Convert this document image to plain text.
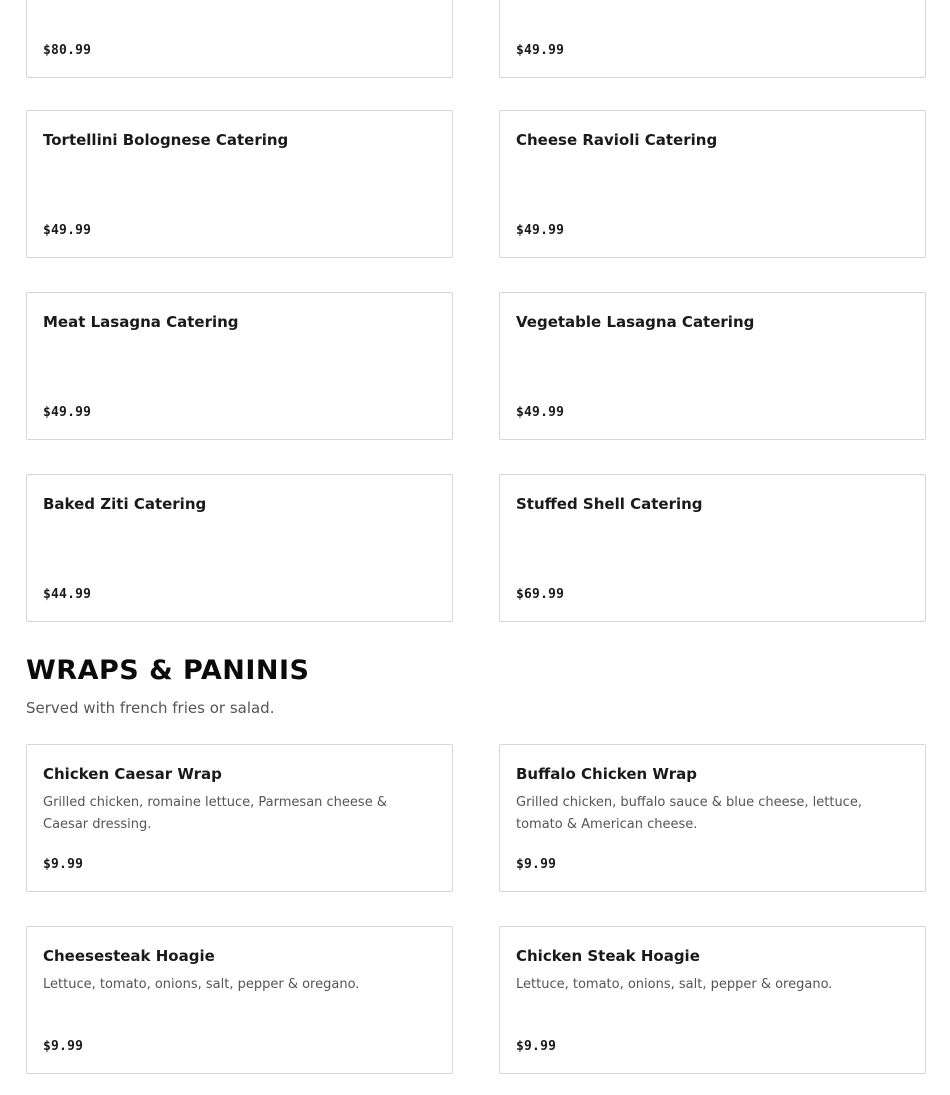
$80.99	$49.99
Tortellini Bolognese Catering
$49.99
Cheese Ravioli Catering
$49.99
Meat Lasagna Catering
$49.99
Vegetable Lasagna Catering
$49.99
Baked Ziti Catering
$44.99
Stuffed Shell Catering
$69.99
WRAPS & PANINIS

Served with french fries or salad.

Chicken Caesar Wrap
Grilled chicken, romaine lettuce, Parmesan cheese & Caesar dressing.
$9.99
Buffalo Chicken Wrap
Grilled chicken, buffalo sauce & blue cheese, lettuce, tomato & American cheese.
$9.99
Cheesesteak Hoagie
Lettuce, tomato, onions, salt, pepper & oregano.
$9.99
Chicken Steak Hoagie
Lettuce, tomato, onions, salt, pepper & oregano.
$9.99
